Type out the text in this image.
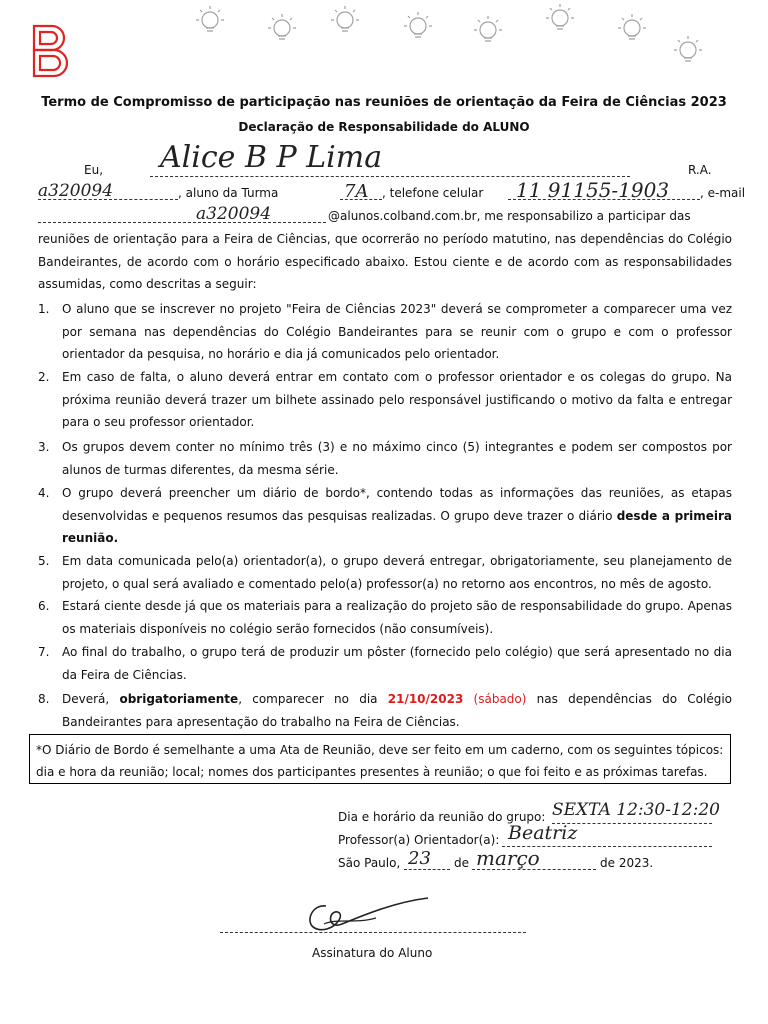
Termo de Compromisso de participação nas reuniões de orientação da Feira de Ciências 2023
Declaração de Responsabilidade do ALUNO
Eu, Alice B P Lima	R.A.
a320094	, aluno da Turma	7A , telefone celular 11 91155-1903	, e-mail
a320094	@alunos.colband.com.br, me responsabilizo a participar das
reuniões de orientação para a Feira de Ciências, que ocorrerão no período matutino, nas dependências do Colégio Bandeirantes, de acordo com o horário especificado abaixo. Estou ciente e de acordo com as responsabilidades assumidas, como descritas a seguir:
1.	O aluno que se inscrever no projeto "Feira de Ciências 2023" deverá se comprometer a comparecer uma vez por semana nas dependências do Colégio Bandeirantes para se reunir com o grupo e com o professor orientador da pesquisa, no horário e dia já comunicados pelo orientador.
2.	Em caso de falta, o aluno deverá entrar em contato com o professor orientador e os colegas do grupo. Na próxima reunião deverá trazer um bilhete assinado pelo responsável justificando o motivo da falta e entregar para o seu professor orientador.
3.	Os grupos devem conter no mínimo três (3) e no máximo cinco (5) integrantes e podem ser compostos por alunos de turmas diferentes, da mesma série.
4.	O grupo deverá preencher um diário de bordo*, contendo todas as informações das reuniões, as etapas desenvolvidas e pequenos resumos das pesquisas realizadas. O grupo deve trazer o diário desde a primeira reunião.
5.	Em data comunicada pelo(a) orientador(a), o grupo deverá entregar, obrigatoriamente, seu planejamento de projeto, o qual será avaliado e comentado pelo(a) professor(a) no retorno aos encontros, no mês de agosto.
6.	Estará ciente desde já que os materiais para a realização do projeto são de responsabilidade do grupo. Apenas os materiais disponíveis no colégio serão fornecidos (não consumíveis).
7.	Ao final do trabalho, o grupo terá de produzir um pôster (fornecido pelo colégio) que será apresentado no dia da Feira de Ciências.
8.	Deverá, obrigatoriamente, comparecer no dia 21/10/2023 (sábado) nas dependências do Colégio Bandeirantes para apresentação do trabalho na Feira de Ciências.
*O Diário de Bordo é semelhante a uma Ata de Reunião, deve ser feito em um caderno, com os seguintes tópicos: dia e hora da reunião; local; nomes dos participantes presentes à reunião; o que foi feito e as próximas tarefas.
Dia e horário da reunião do grupo: SEXTA 12:30-12:20
Professor(a) Orientador(a): Beatriz
São Paulo, 23 de março	de 2023.
Assinatura do Aluno
